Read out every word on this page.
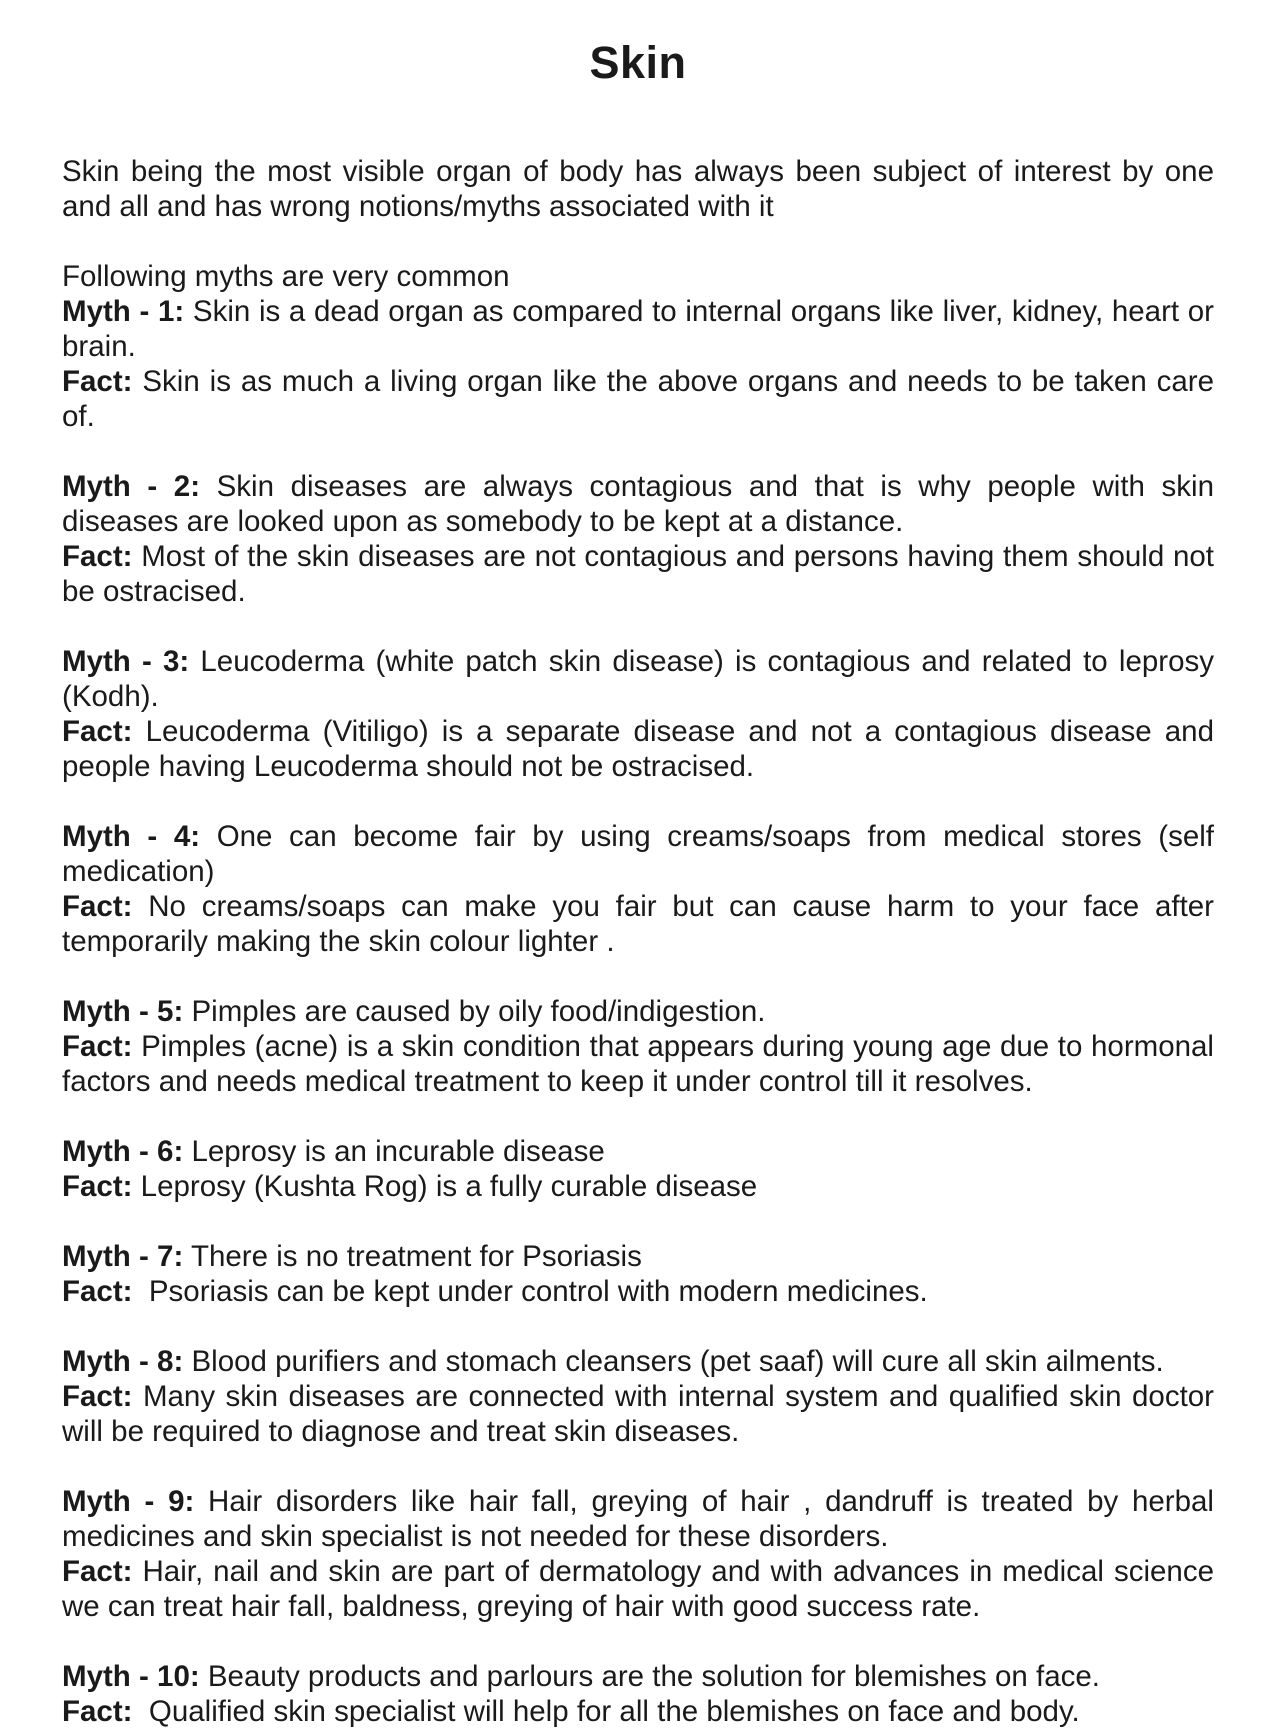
Skin

Skin being the most visible organ of body has always been subject of interest by one and all and has wrong notions/myths associated with it

Following myths are very common
Myth - 1: Skin is a dead organ as compared to internal organs like liver, kidney, heart or brain.
Fact: Skin is as much a living organ like the above organs and needs to be taken care of.
Myth - 2: Skin diseases are always contagious and that is why people with skin diseases are looked upon as somebody to be kept at a distance.
Fact: Most of the skin diseases are not contagious and persons having them should not be ostracised.
Myth - 3: Leucoderma (white patch skin disease) is contagious and related to leprosy (Kodh).
Fact: Leucoderma (Vitiligo) is a separate disease and not a contagious disease and people having Leucoderma should not be ostracised.
Myth - 4: One can become fair by using creams/soaps from medical stores (self medication)
Fact: No creams/soaps can make you fair but can cause harm to your face after temporarily making the skin colour lighter .
Myth - 5: Pimples are caused by oily food/indigestion.
Fact: Pimples (acne) is a skin condition that appears during young age due to hormonal factors and needs medical treatment to keep it under control till it resolves.
Myth - 6: Leprosy is an incurable disease
Fact: Leprosy (Kushta Rog) is a fully curable disease
Myth - 7: There is no treatment for Psoriasis
Fact:  Psoriasis can be kept under control with modern medicines.
Myth - 8: Blood purifiers and stomach cleansers (pet saaf) will cure all skin ailments.
Fact: Many skin diseases are connected with internal system and qualified skin doctor will be required to diagnose and treat skin diseases.
Myth - 9: Hair disorders like hair fall, greying of hair , dandruff is treated by herbal medicines and skin specialist is not needed for these disorders.
Fact: Hair, nail and skin are part of dermatology and with advances in medical science we can treat hair fall, baldness, greying of hair with good success rate.
Myth - 10: Beauty products and parlours are the solution for blemishes on face.
Fact:  Qualified skin specialist will help for all the blemishes on face and body.
